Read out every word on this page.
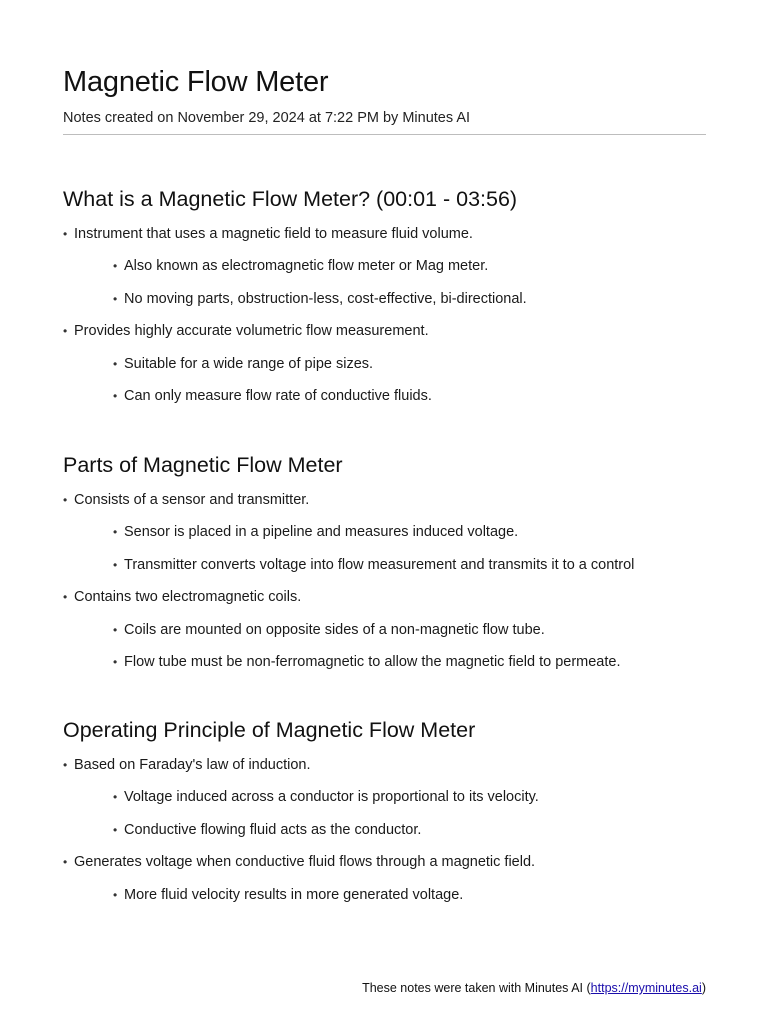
Magnetic Flow Meter
Notes created on November 29, 2024 at 7:22 PM by Minutes AI
What is a Magnetic Flow Meter? (00:01 - 03:56)
• Instrument that uses a magnetic field to measure fluid volume.
• Also known as electromagnetic flow meter or Mag meter.
• No moving parts, obstruction-less, cost-effective, bi-directional.
• Provides highly accurate volumetric flow measurement.
• Suitable for a wide range of pipe sizes.
• Can only measure flow rate of conductive fluids.
Parts of Magnetic Flow Meter
• Consists of a sensor and transmitter.
• Sensor is placed in a pipeline and measures induced voltage.
• Transmitter converts voltage into flow measurement and transmits it to a control
• Contains two electromagnetic coils.
• Coils are mounted on opposite sides of a non-magnetic flow tube.
• Flow tube must be non-ferromagnetic to allow the magnetic field to permeate.
Operating Principle of Magnetic Flow Meter
• Based on Faraday's law of induction.
• Voltage induced across a conductor is proportional to its velocity.
• Conductive flowing fluid acts as the conductor.
• Generates voltage when conductive fluid flows through a magnetic field.
• More fluid velocity results in more generated voltage.
These notes were taken with Minutes AI (https://myminutes.ai)
